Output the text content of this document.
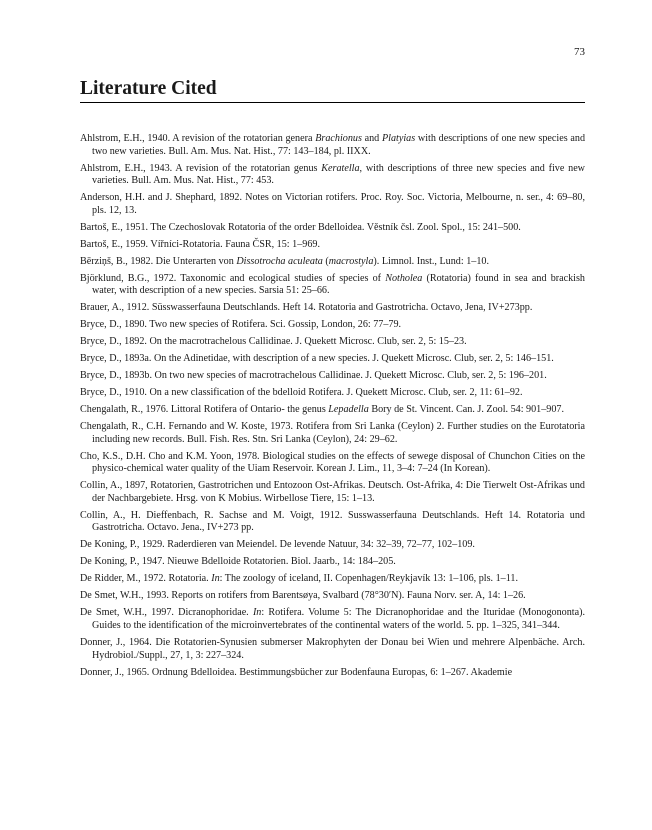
73
Literature Cited
Ahlstrom, E.H., 1940. A revision of the rotatorian genera Brachionus and Platyias with descriptions of one new species and two new varieties. Bull. Am. Mus. Nat. Hist., 77: 143–184, pl. IIXX.
Ahlstrom, E.H., 1943. A revision of the rotatorian genus Keratella, with descriptions of three new species and five new varieties. Bull. Am. Mus. Nat. Hist., 77: 453.
Anderson, H.H. and J. Shephard, 1892. Notes on Victorian rotifers. Proc. Roy. Soc. Victoria, Melbourne, n. ser., 4: 69–80, pls. 12, 13.
Bartoš, E., 1951. The Czechoslovak Rotatoria of the order Bdelloidea. Věstník čsl. Zool. Spol., 15: 241–500.
Bartoš, E., 1959. Vířníci-Rotatoria. Fauna ČSR, 15: 1–969.
Bērziņš, B., 1982. Die Unterarten von Dissotrocha aculeata (macrostyla). Limnol. Inst., Lund: 1–10.
Björklund, B.G., 1972. Taxonomic and ecological studies of species of Notholea (Rotatoria) found in sea and brackish water, with description of a new species. Sarsia 51: 25–66.
Brauer, A., 1912. Süsswasserfauna Deutschlands. Heft 14. Rotatoria and Gastrotricha. Octavo, Jena, IV+273pp.
Bryce, D., 1890. Two new species of Rotifera. Sci. Gossip, London, 26: 77–79.
Bryce, D., 1892. On the macrotrachelous Callidinae. J. Quekett Microsc. Club, ser. 2, 5: 15–23.
Bryce, D., 1893a. On the Adinetidae, with description of a new species. J. Quekett Microsc. Club, ser. 2, 5: 146–151.
Bryce, D., 1893b. On two new species of macrotrachelous Callidinae. J. Quekett Microsc. Club, ser. 2, 5: 196–201.
Bryce, D., 1910. On a new classification of the bdelloid Rotifera. J. Quekett Microsc. Club, ser. 2, 11: 61–92.
Chengalath, R., 1976. Littoral Rotifera of Ontario- the genus Lepadella Bory de St. Vincent. Can. J. Zool. 54: 901–907.
Chengalath, R., C.H. Fernando and W. Koste, 1973. Rotifera from Sri Lanka (Ceylon) 2. Further studies on the Eurotatoria including new records. Bull. Fish. Res. Stn. Sri Lanka (Ceylon), 24: 29–62.
Cho, K.S., D.H. Cho and K.M. Yoon, 1978. Biological studies on the effects of sewege disposal of Chunchon Cities on the physico-chemical water quality of the Uiam Reservoir. Korean J. Lim., 11, 3–4: 7–24 (In Korean).
Collin, A., 1897, Rotatorien, Gastrotrichen und Entozoon Ost-Afrikas. Deutsch. Ost-Afrika, 4: Die Tierwelt Ost-Afrikas und der Nachbargebiete. Hrsg. von K Mobius. Wirbellose Tiere, 15: 1–13.
Collin, A., H. Dieffenbach, R. Sachse and M. Voigt, 1912. Susswasserfauna Deutschlands. Heft 14. Rotatoria und Gastrotricha. Octavo. Jena., IV+273 pp.
De Koning, P., 1929. Raderdieren van Meiendel. De levende Natuur, 34: 32–39, 72–77, 102–109.
De Koning, P., 1947. Nieuwe Bdelloide Rotatorien. Biol. Jaarb., 14: 184–205.
De Ridder, M., 1972. Rotatoria. In: The zoology of iceland, II. Copenhagen/Reykjavík 13: 1–106, pls. 1–11.
De Smet, W.H., 1993. Reports on rotifers from Barentsøya, Svalbard (78°30′N). Fauna Norv. ser. A, 14: 1–26.
De Smet, W.H., 1997. Dicranophoridae. In: Rotifera. Volume 5: The Dicranophoridae and the Ituridae (Monogononta). Guides to the identification of the microinvertebrates of the continental waters of the world. 5. pp. 1–325, 341–344.
Donner, J., 1964. Die Rotatorien-Synusien submerser Makrophyten der Donau bei Wien und mehrere Alpenbäche. Arch. Hydrobiol./Suppl., 27, 1, 3: 227–324.
Donner, J., 1965. Ordnung Bdelloidea. Bestimmungsbücher zur Bodenfauna Europas, 6: 1–267. Akademie
